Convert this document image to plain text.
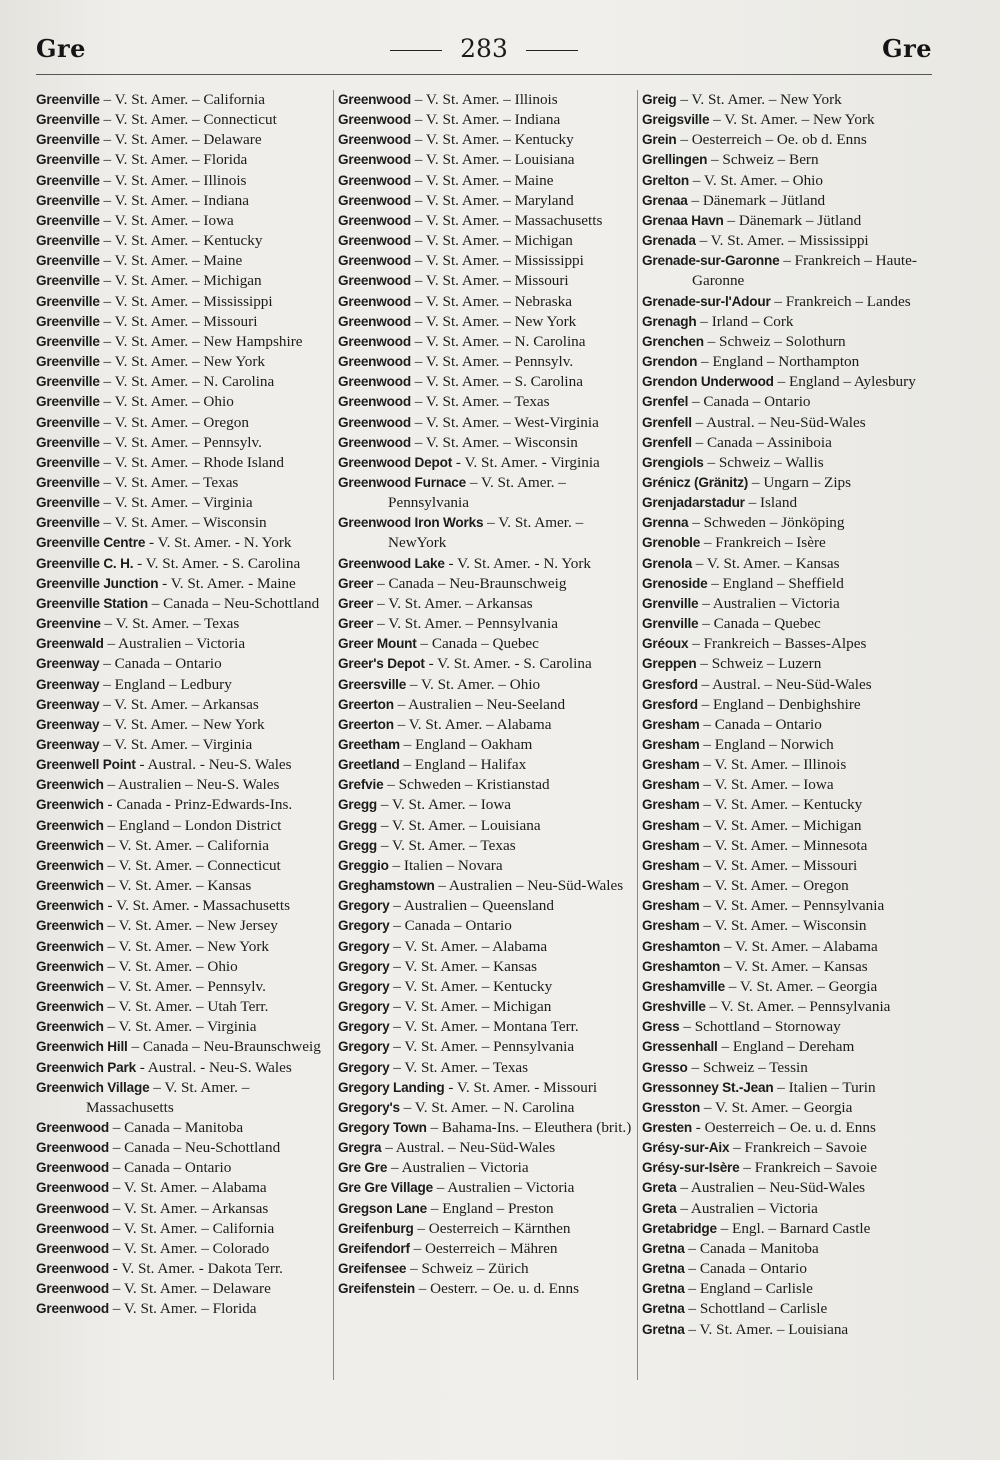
Gre	283	Gre
Greenville – V. St. Amer. – California
Greenville – V. St. Amer. – Connecticut
Greenville – V. St. Amer. – Delaware
Greenville – V. St. Amer. – Florida
Greenville – V. St. Amer. – Illinois
Greenville – V. St. Amer. – Indiana
Greenville – V. St. Amer. – Iowa
Greenville – V. St. Amer. – Kentucky
Greenville – V. St. Amer. – Maine
Greenville – V. St. Amer. – Michigan
Greenville – V. St. Amer. – Mississippi
Greenville – V. St. Amer. – Missouri
Greenville – V. St. Amer. – New Hampshire
Greenville – V. St. Amer. – New York
Greenville – V. St. Amer. – N. Carolina
Greenville – V. St. Amer. – Ohio
Greenville – V. St. Amer. – Oregon
Greenville – V. St. Amer. – Pennsylv.
Greenville – V. St. Amer. – Rhode Island
Greenville – V. St. Amer. – Texas
Greenville – V. St. Amer. – Virginia
Greenville – V. St. Amer. – Wisconsin
Greenville Centre - V. St. Amer. - N. York
Greenville C. H. - V. St. Amer. - S. Carolina
Greenville Junction - V. St. Amer. - Maine
Greenville Station – Canada – Neu-Schottland
Greenvine – V. St. Amer. – Texas
Greenwald – Australien – Victoria
Greenway – Canada – Ontario
Greenway – England – Ledbury
Greenway – V. St. Amer. – Arkansas
Greenway – V. St. Amer. – New York
Greenway – V. St. Amer. – Virginia
Greenwell Point - Austral. - Neu-S. Wales
Greenwich – Australien – Neu-S. Wales
Greenwich - Canada - Prinz-Edwards-Ins.
Greenwich – England – London District
Greenwich – V. St. Amer. – California
Greenwich – V. St. Amer. – Connecticut
Greenwich – V. St. Amer. – Kansas
Greenwich - V. St. Amer. - Massachusetts
Greenwich – V. St. Amer. – New Jersey
Greenwich – V. St. Amer. – New York
Greenwich – V. St. Amer. – Ohio
Greenwich – V. St. Amer. – Pennsylv.
Greenwich – V. St. Amer. – Utah Terr.
Greenwich – V. St. Amer. – Virginia
Greenwich Hill – Canada – Neu-Braunschweig
Greenwich Park - Austral. - Neu-S. Wales
Greenwich Village – V. St. Amer. – Massachusetts
Greenwood – Canada – Manitoba
Greenwood – Canada – Neu-Schottland
Greenwood – Canada – Ontario
Greenwood – V. St. Amer. – Alabama
Greenwood – V. St. Amer. – Arkansas
Greenwood – V. St. Amer. – California
Greenwood – V. St. Amer. – Colorado
Greenwood - V. St. Amer. - Dakota Terr.
Greenwood – V. St. Amer. – Delaware
Greenwood – V. St. Amer. – Florida
Greenwood – V. St. Amer. – Illinois
Greenwood – V. St. Amer. – Indiana
Greenwood – V. St. Amer. – Kentucky
Greenwood – V. St. Amer. – Louisiana
Greenwood – V. St. Amer. – Maine
Greenwood – V. St. Amer. – Maryland
Greenwood – V. St. Amer. – Massachusetts
Greenwood – V. St. Amer. – Michigan
Greenwood – V. St. Amer. – Mississippi
Greenwood – V. St. Amer. – Missouri
Greenwood – V. St. Amer. – Nebraska
Greenwood – V. St. Amer. – New York
Greenwood – V. St. Amer. – N. Carolina
Greenwood – V. St. Amer. – Pennsylv.
Greenwood – V. St. Amer. – S. Carolina
Greenwood – V. St. Amer. – Texas
Greenwood – V. St. Amer. – West-Virginia
Greenwood – V. St. Amer. – Wisconsin
Greenwood Depot - V. St. Amer. - Virginia
Greenwood Furnace – V. St. Amer. – Pennsylvania
Greenwood Iron Works – V. St. Amer. – NewYork
Greenwood Lake - V. St. Amer. - N. York
Greer – Canada – Neu-Braunschweig
Greer – V. St. Amer. – Arkansas
Greer – V. St. Amer. – Pennsylvania
Greer Mount – Canada – Quebec
Greer's Depot - V. St. Amer. - S. Carolina
Greersville – V. St. Amer. – Ohio
Greerton – Australien – Neu-Seeland
Greerton – V. St. Amer. – Alabama
Greetham – England – Oakham
Greetland – England – Halifax
Grefvie – Schweden – Kristianstad
Gregg – V. St. Amer. – Iowa
Gregg – V. St. Amer. – Louisiana
Gregg – V. St. Amer. – Texas
Greggio – Italien – Novara
Greghamstown – Australien – Neu-Süd-Wales
Gregory – Australien – Queensland
Gregory – Canada – Ontario
Gregory – V. St. Amer. – Alabama
Gregory – V. St. Amer. – Kansas
Gregory – V. St. Amer. – Kentucky
Gregory – V. St. Amer. – Michigan
Gregory – V. St. Amer. – Montana Terr.
Gregory – V. St. Amer. – Pennsylvania
Gregory – V. St. Amer. – Texas
Gregory Landing - V. St. Amer. - Missouri
Gregory's – V. St. Amer. – N. Carolina
Gregory Town – Bahama-Ins. – Eleuthera (brit.)
Gregra – Austral. – Neu-Süd-Wales
Gre Gre – Australien – Victoria
Gre Gre Village – Australien – Victoria
Gregson Lane – England – Preston
Greifenburg – Oesterreich – Kärnthen
Greifendorf – Oesterreich – Mähren
Greifensee – Schweiz – Zürich
Greifenstein – Oesterr. – Oe. u. d. Enns
Greig – V. St. Amer. – New York
Greigsville – V. St. Amer. – New York
Grein – Oesterreich – Oe. ob d. Enns
Grellingen – Schweiz – Bern
Grelton – V. St. Amer. – Ohio
Grenaa – Dänemark – Jütland
Grenaa Havn – Dänemark – Jütland
Grenada – V. St. Amer. – Mississippi
Grenade-sur-Garonne – Frankreich – Haute-Garonne
Grenade-sur-l'Adour – Frankreich – Landes
Grenagh – Irland – Cork
Grenchen – Schweiz – Solothurn
Grendon – England – Northampton
Grendon Underwood – England – Aylesbury
Grenfel – Canada – Ontario
Grenfell – Austral. – Neu-Süd-Wales
Grenfell – Canada – Assiniboia
Grengiols – Schweiz – Wallis
Grénicz (Gränitz) – Ungarn – Zips
Grenjadarstadur – Island
Grenna – Schweden – Jönköping
Grenoble – Frankreich – Isère
Grenola – V. St. Amer. – Kansas
Grenoside – England – Sheffield
Grenville – Australien – Victoria
Grenville – Canada – Quebec
Gréoux – Frankreich – Basses-Alpes
Greppen – Schweiz – Luzern
Gresford – Austral. – Neu-Süd-Wales
Gresford – England – Denbighshire
Gresham – Canada – Ontario
Gresham – England – Norwich
Gresham – V. St. Amer. – Illinois
Gresham – V. St. Amer. – Iowa
Gresham – V. St. Amer. – Kentucky
Gresham – V. St. Amer. – Michigan
Gresham – V. St. Amer. – Minnesota
Gresham – V. St. Amer. – Missouri
Gresham – V. St. Amer. – Oregon
Gresham – V. St. Amer. – Pennsylvania
Gresham – V. St. Amer. – Wisconsin
Greshamton – V. St. Amer. – Alabama
Greshamton – V. St. Amer. – Kansas
Greshamville – V. St. Amer. – Georgia
Greshville – V. St. Amer. – Pennsylvania
Gress – Schottland – Stornoway
Gressenhall – England – Dereham
Gresso – Schweiz – Tessin
Gressonney St.-Jean – Italien – Turin
Gresston – V. St. Amer. – Georgia
Gresten - Oesterreich – Oe. u. d. Enns
Grésy-sur-Aix – Frankreich – Savoie
Grésy-sur-Isère – Frankreich – Savoie
Greta – Australien – Neu-Süd-Wales
Greta – Australien – Victoria
Gretabridge – Engl. – Barnard Castle
Gretna – Canada – Manitoba
Gretna – Canada – Ontario
Gretna – England – Carlisle
Gretna – Schottland – Carlisle
Gretna – V. St. Amer. – Louisiana
